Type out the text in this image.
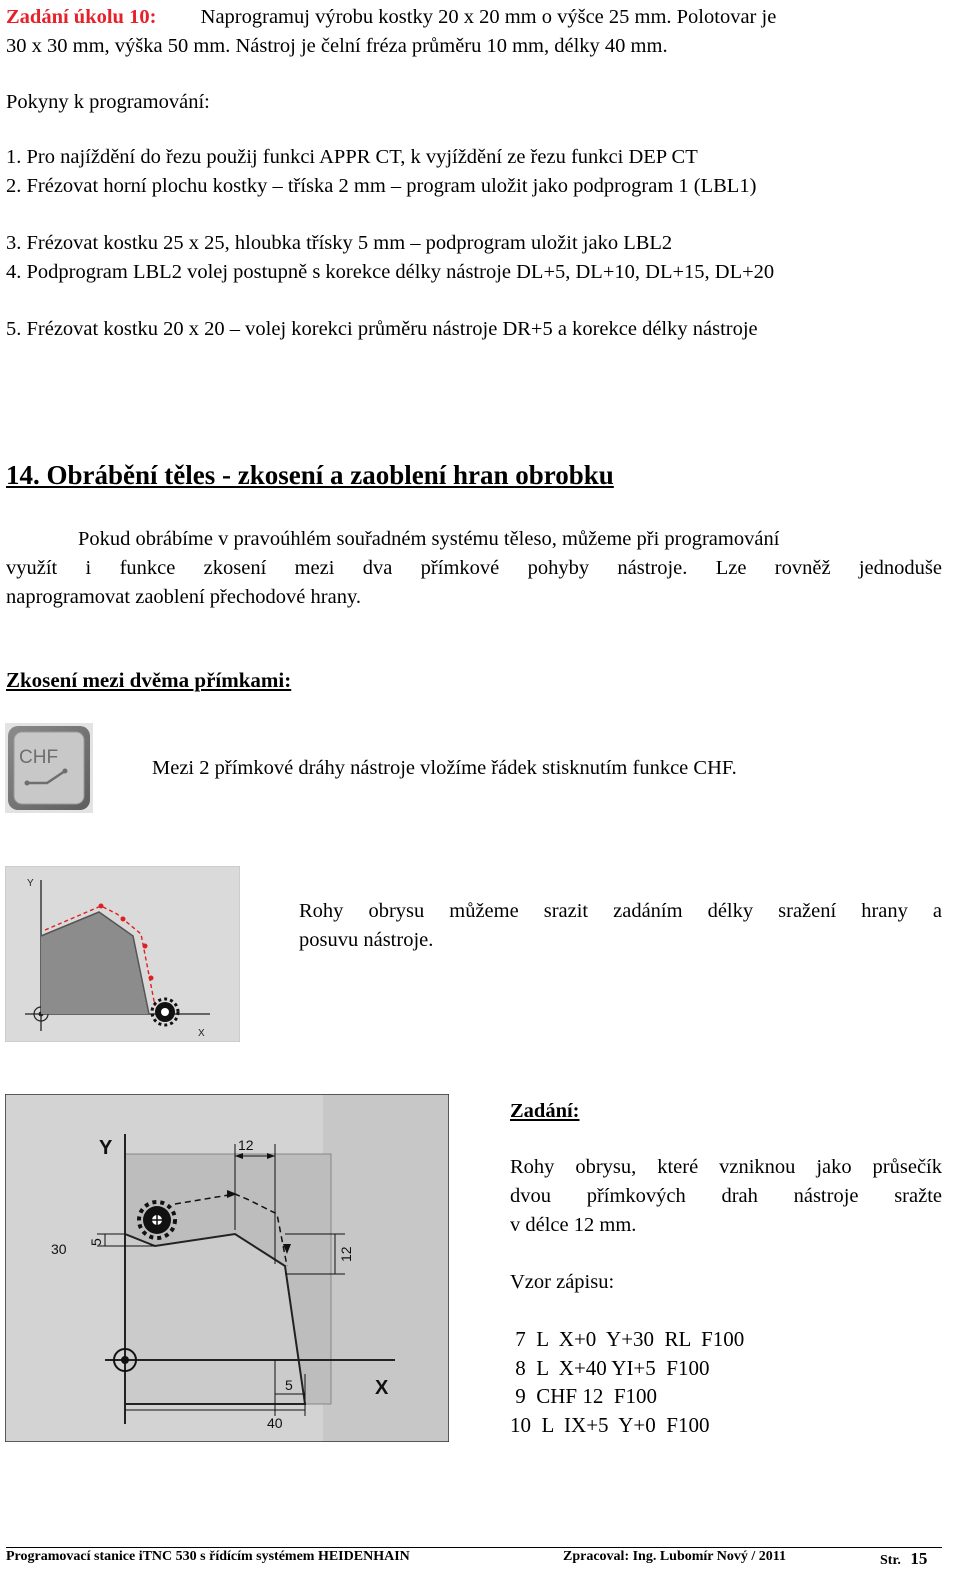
Zadání úkolu 10: Naprogramuj výrobu kostky 20 x 20 mm o výšce 25 mm. Polotovar je
30 x 30 mm, výška 50 mm. Nástroj je čelní fréza průměru 10 mm, délky 40 mm.
Pokyny k programování:
1. Pro najíždění do řezu použij funkci APPR CT, k vyjíždění ze řezu funkci DEP CT
2. Frézovat horní plochu kostky – tříska 2 mm – program uložit jako podprogram 1 (LBL1)
3. Frézovat kostku 25 x 25, hloubka třísky 5 mm – podprogram uložit jako LBL2
4. Podprogram LBL2 volej postupně s korekce délky nástroje DL+5, DL+10, DL+15, DL+20
5. Frézovat kostku 20 x 20 – volej korekci průměru nástroje DR+5 a korekce délky nástroje
14. Obrábění těles - zkosení a zaoblení hran obrobku
Pokud obrábíme v pravoúhlém souřadném systému těleso, můžeme při programování
využít i funkce zkosení mezi dva přímkové pohyby nástroje. Lze rovněž jednoduše
naprogramovat zaoblení přechodové hrany.
Zkosení mezi dvěma přímkami:
CHF	Mezi 2 přímkové dráhy nástroje vložíme řádek stisknutím funkce CHF.
Y
X
Rohy obrysu můžeme srazit zadáním délky sražení hrany a
posuvu nástroje.
Y
X
12
12
5
30
5
40
Zadání:
Rohy obrysu, které vzniknou jako průsečík
dvou přímkových drah nástroje sražte
v délce 12 mm.
Vzor zápisu:
7  L  X+0  Y+30  RL  F100
8  L  X+40 YI+5  F100
9  CHF 12  F100
10  L  IX+5  Y+0  F100
Programovací stanice iTNC 530 s řídícím systémem HEIDENHAIN	Zpracoval: Ing. Lubomír Nový / 2011	Str. 15
